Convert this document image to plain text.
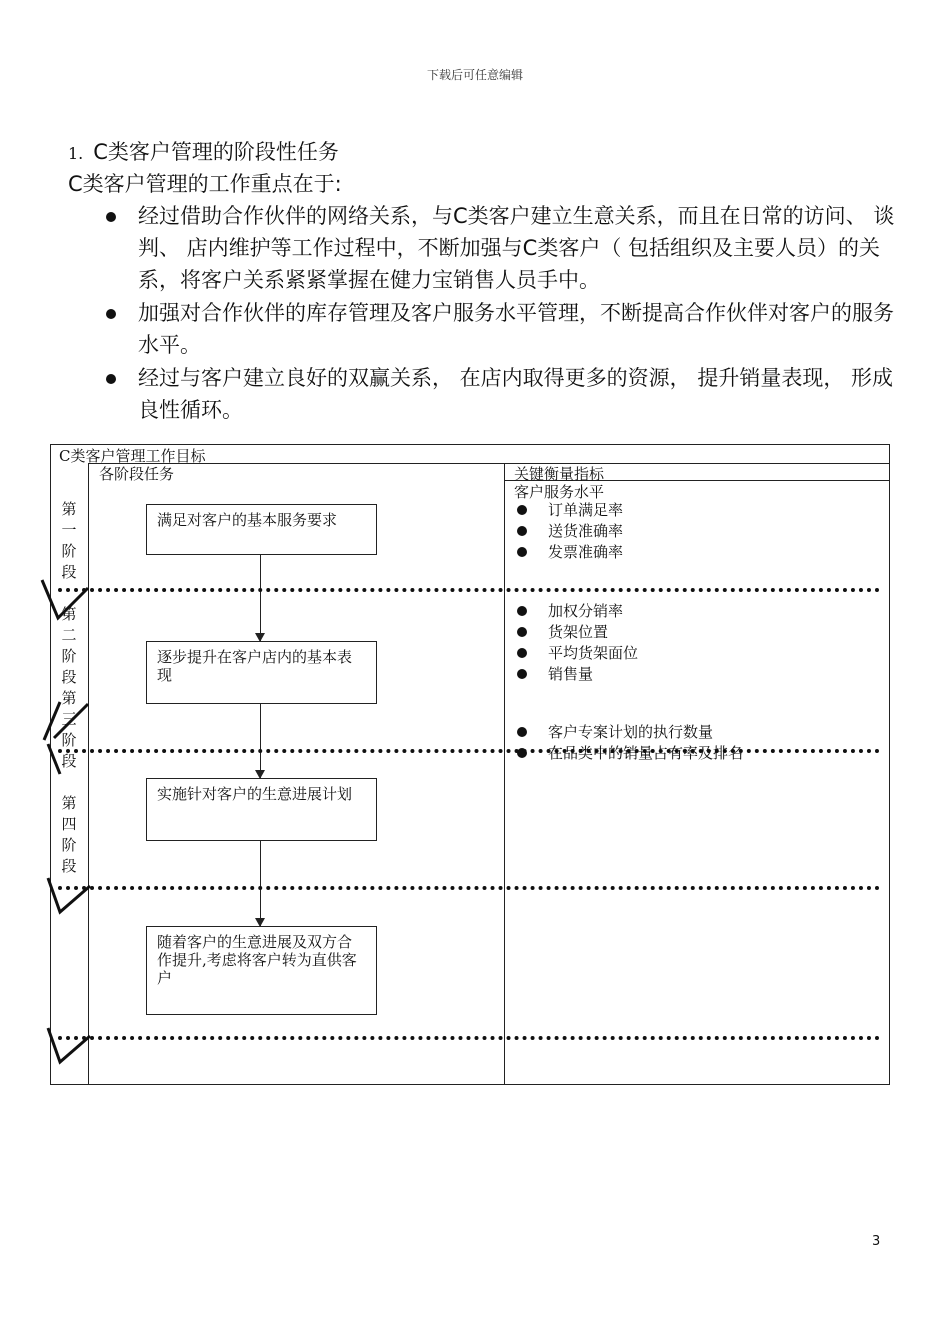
下载后可任意编辑
1. C类客户管理的阶段性任务
C类客户管理的工作重点在于:
经过借助合作伙伴的网络关系，与C类客户建立生意关系，而且在日常的访问、 谈判、 店内维护等工作过程中，不断加强与C类客户（ 包括组织及主要人员）的关系，将客户关系紧紧掌握在健力宝销售人员手中。
加强对合作伙伴的库存管理及客户服务水平管理，不断提高合作伙伴对客户的服务水平。
经过与客户建立良好的双赢关系， 在店内取得更多的资源， 提升销量表现， 形成良性循环。
C类客户管理工作目标
各阶段任务	关键衡量指标
第一阶段
第二阶段
第三阶段
第四阶段
满足对客户的基本服务要求
逐步提升在客户店内的基本表现
实施针对客户的生意进展计划
随着客户的生意进展及双方合作提升,考虑将客户转为直供客户
客户服务水平
订单满足率
送货准确率
发票准确率
加权分销率
货架位置
平均货架面位
销售量
客户专案计划的执行数量
在品类中的销量占有率及排名
3
